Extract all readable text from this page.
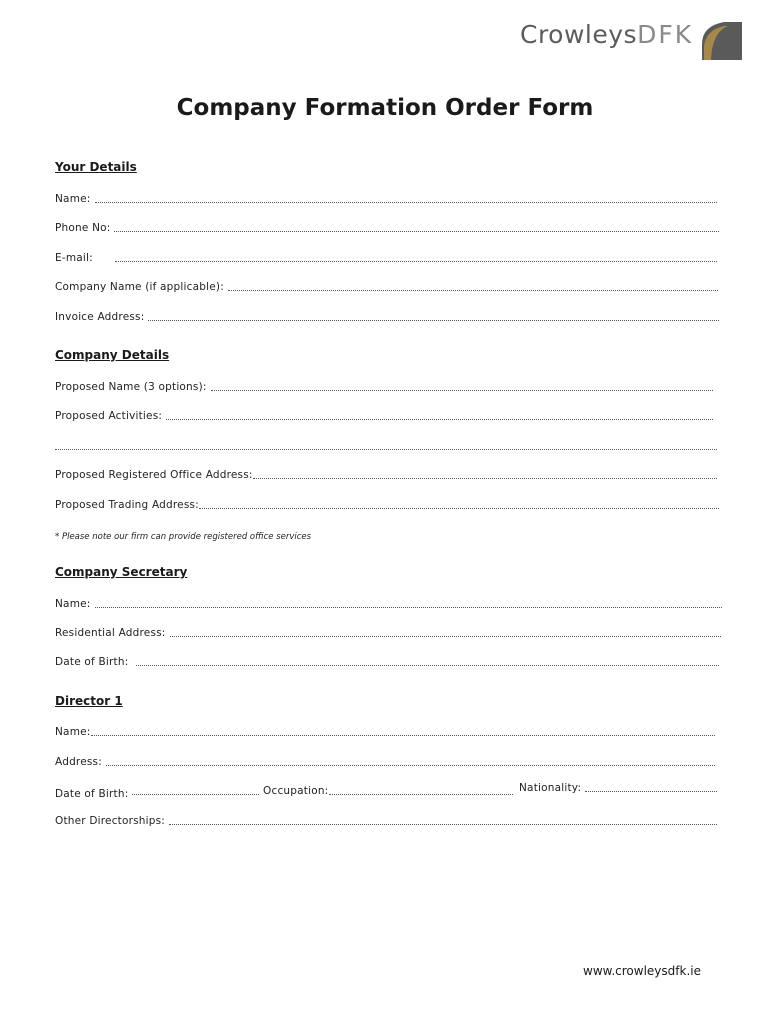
CrowleysDFK
Company Formation Order Form
Your Details
Name:
Phone No:
E-mail:
Company Name (if applicable):
Invoice Address:
Company Details
Proposed Name (3 options):
Proposed Activities:
Proposed Registered Office Address:
Proposed Trading Address:
* Please note our firm can provide registered office services
Company Secretary
Name:
Residential Address:
Date of Birth:
Director 1
Name:
Address:
Date of Birth:	Occupation:	Nationality:
Other Directorships:
www.crowleysdfk.ie
